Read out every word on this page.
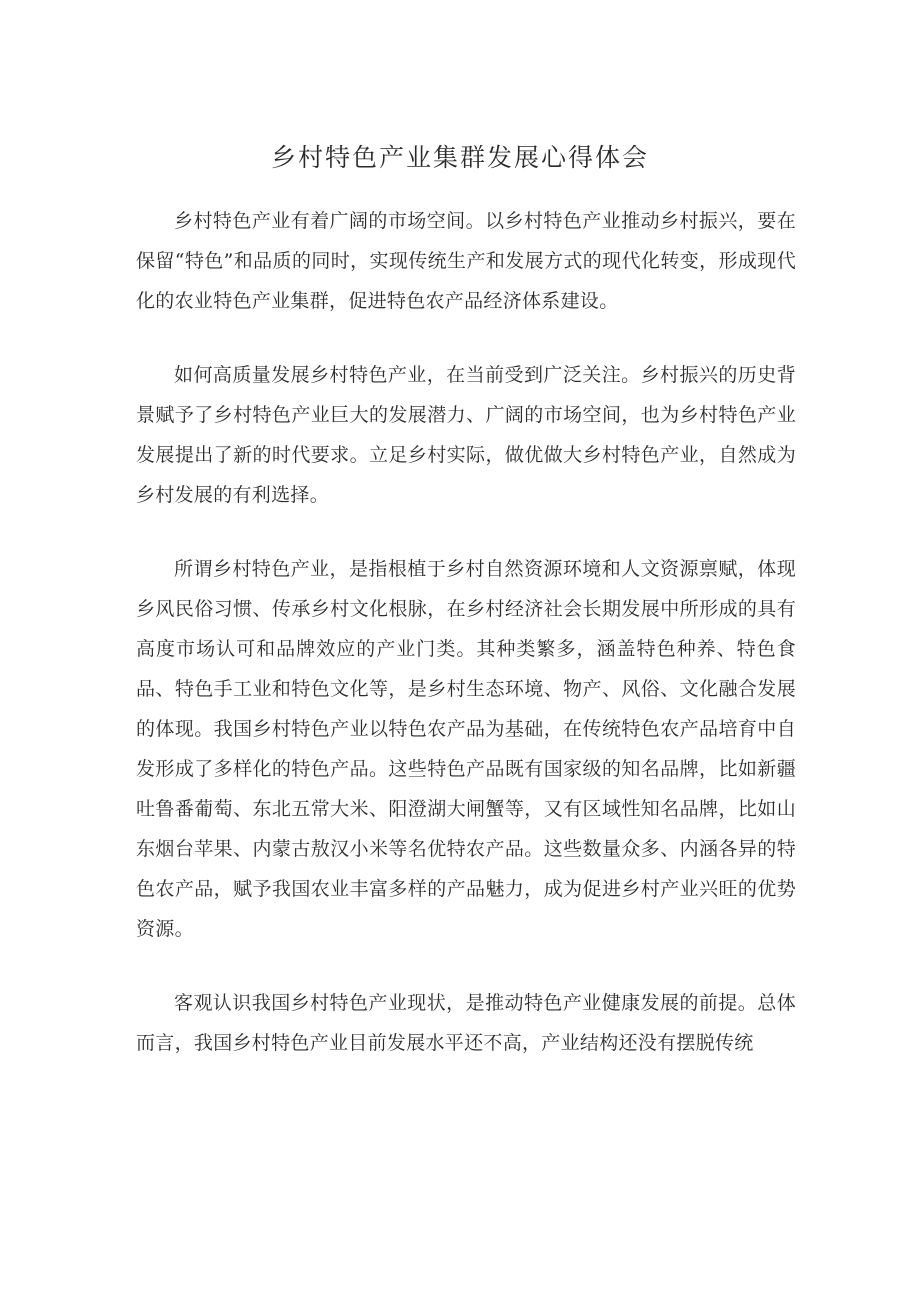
乡村特色产业集群发展心得体会

乡村特色产业有着广阔的市场空间。以乡村特色产业推动乡村振兴，要在保留“特色”和品质的同时，实现传统生产和发展方式的现代化转变，形成现代化的农业特色产业集群，促进特色农产品经济体系建设。

如何高质量发展乡村特色产业，在当前受到广泛关注。乡村振兴的历史背景赋予了乡村特色产业巨大的发展潜力、广阔的市场空间，也为乡村特色产业发展提出了新的时代要求。立足乡村实际，做优做大乡村特色产业，自然成为乡村发展的有利选择。

所谓乡村特色产业，是指根植于乡村自然资源环境和人文资源禀赋，体现乡风民俗习惯、传承乡村文化根脉，在乡村经济社会长期发展中所形成的具有高度市场认可和品牌效应的产业门类。其种类繁多，涵盖特色种养、特色食品、特色手工业和特色文化等，是乡村生态环境、物产、风俗、文化融合发展的体现。我国乡村特色产业以特色农产品为基础，在传统特色农产品培育中自发形成了多样化的特色产品。这些特色产品既有国家级的知名品牌，比如新疆吐鲁番葡萄、东北五常大米、阳澄湖大闸蟹等，又有区域性知名品牌，比如山东烟台苹果、内蒙古敖汉小米等名优特农产品。这些数量众多、内涵各异的特色农产品，赋予我国农业丰富多样的产品魅力，成为促进乡村产业兴旺的优势资源。

客观认识我国乡村特色产业现状，是推动特色产业健康发展的前提。总体而言，我国乡村特色产业目前发展水平还不高，产业结构还没有摆脱传统
